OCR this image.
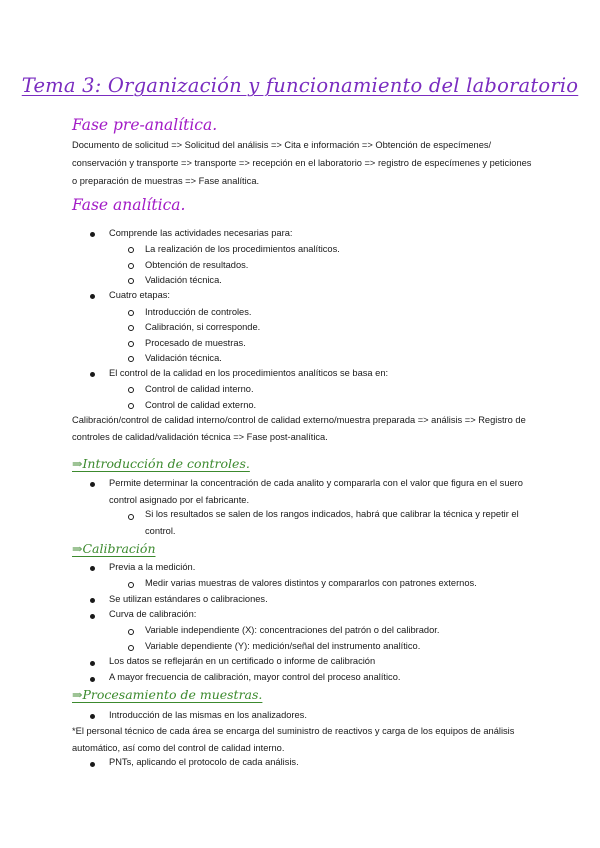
Tema 3: Organización y funcionamiento del laboratorio
Fase pre-analítica.
Documento de solicitud => Solicitud del análisis => Cita e información => Obtención de especímenes/ conservación y transporte => transporte => recepción en el laboratorio => registro de especímenes y peticiones o preparación de muestras => Fase analítica.
Fase analítica.
Comprende las actividades necesarias para:
La realización de los procedimientos analíticos.
Obtención de resultados.
Validación técnica.
Cuatro etapas:
Introducción de controles.
Calibración, si corresponde.
Procesado de muestras.
Validación técnica.
El control de la calidad en los procedimientos analíticos se basa en:
Control de calidad interno.
Control de calidad externo.
Calibración/control de calidad interno/control de calidad externo/muestra preparada => análisis => Registro de controles de calidad/validación técnica => Fase post-analítica.
⇒Introducción de controles.
Permite determinar la concentración de cada analito y compararla con el valor que figura en el suero control asignado por el fabricante.
Si los resultados se salen de los rangos indicados, habrá que calibrar la técnica y repetir el control.
⇒Calibración
Previa a la medición.
Medir varias muestras de valores distintos y compararlos con patrones externos.
Se utilizan estándares o calibraciones.
Curva de calibración:
Variable independiente (X): concentraciones del patrón o del calibrador.
Variable dependiente (Y): medición/señal del instrumento analítico.
Los datos se reflejarán en un certificado o informe de calibración
A mayor frecuencia de calibración, mayor control del proceso analítico.
⇒Procesamiento de muestras.
Introducción de las mismas en los analizadores.
*El personal técnico de cada área se encarga del suministro de reactivos y carga de los equipos de análisis automático, así como del control de calidad interno.
PNTs, aplicando el protocolo de cada análisis.
